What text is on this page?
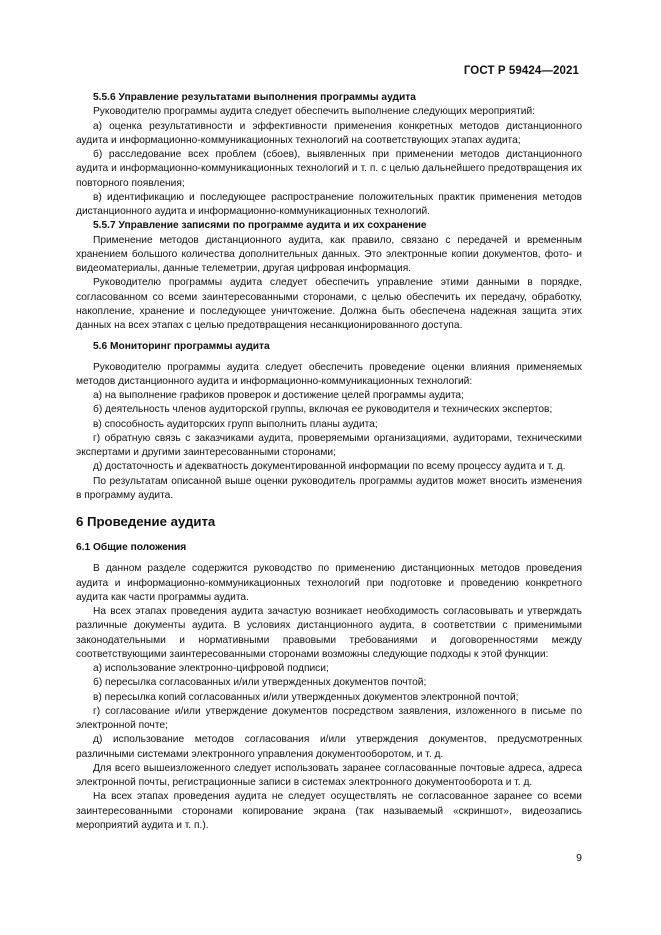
ГОСТ Р 59424—2021

5.5.6 Управление результатами выполнения программы аудита

Руководителю программы аудита следует обеспечить выполнение следующих мероприятий:

а) оценка результативности и эффективности применения конкретных методов дистанционного аудита и информационно-коммуникационных технологий на соответствующих этапах аудита;

б) расследование всех проблем (сбоев), выявленных при применении методов дистанционного аудита и информационно-коммуникационных технологий и т. п. с целью дальнейшего предотвращения их повторного появления;

в) идентификацию и последующее распространение положительных практик применения методов дистанционного аудита и информационно-коммуникационных технологий.

5.5.7 Управление записями по программе аудита и их сохранение

Применение методов дистанционного аудита, как правило, связано с передачей и временным хранением большого количества дополнительных данных. Это электронные копии документов, фото- и видеоматериалы, данные телеметрии, другая цифровая информация.

Руководителю программы аудита следует обеспечить управление этими данными в порядке, согласованном со всеми заинтересованными сторонами, с целью обеспечить их передачу, обработку, накопление, хранение и последующее уничтожение. Должна быть обеспечена надежная защита этих данных на всех этапах с целью предотвращения несанкционированного доступа.

5.6 Мониторинг программы аудита

Руководителю программы аудита следует обеспечить проведение оценки влияния применяемых методов дистанционного аудита и информационно-коммуникационных технологий:

а) на выполнение графиков проверок и достижение целей программы аудита;

б) деятельность членов аудиторской группы, включая ее руководителя и технических экспертов;

в) способность аудиторских групп выполнить планы аудита;

г) обратную связь с заказчиками аудита, проверяемыми организациями, аудиторами, техническими экспертами и другими заинтересованными сторонами;

д) достаточность и адекватность документированной информации по всему процессу аудита и т. д.

По результатам описанной выше оценки руководитель программы аудитов может вносить изменения в программу аудита.

6 Проведение аудита

6.1 Общие положения

В данном разделе содержится руководство по применению дистанционных методов проведения аудита и информационно-коммуникационных технологий при подготовке и проведению конкретного аудита как части программы аудита.

На всех этапах проведения аудита зачастую возникает необходимость согласовывать и утверждать различные документы аудита. В условиях дистанционного аудита, в соответствии с применимыми законодательными и нормативными правовыми требованиями и договоренностями между соответствующими заинтересованными сторонами возможны следующие подходы к этой функции:

а) использование электронно-цифровой подписи;

б) пересылка согласованных и/или утвержденных документов почтой;

в) пересылка копий согласованных и/или утвержденных документов электронной почтой;

г) согласование и/или утверждение документов посредством заявления, изложенного в письме по электронной почте;

д) использование методов согласования и/или утверждения документов, предусмотренных различными системами электронного управления документооборотом, и т. д.

Для всего вышеизложенного следует использовать заранее согласованные почтовые адреса, адреса электронной почты, регистрационные записи в системах электронного документооборота и т. д.

На всех этапах проведения аудита не следует осуществлять не согласованное заранее со всеми заинтересованными сторонами копирование экрана (так называемый «скриншот», видеозапись мероприятий аудита и т. п.).

9
